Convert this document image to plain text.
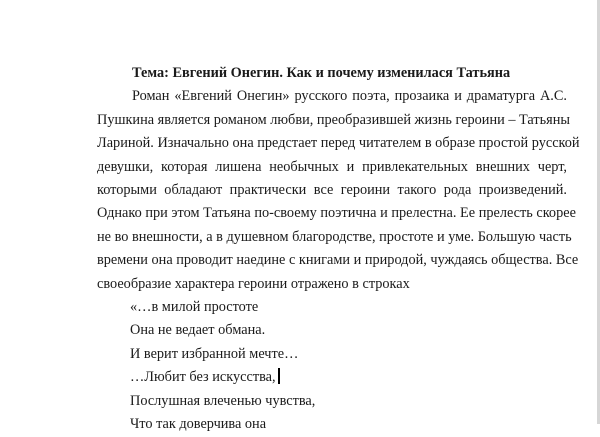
Тема: Евгений Онегин. Как и почему изменилася Татьяна

Роман «Евгений Онегин» русского поэта, прозаика и драматурга А.С.
Пушкина является романом любви, преобразившей жизнь героини – Татьяны
Лариной. Изначально она предстает перед читателем в образе простой русской
девушки, которая лишена необычных и привлекательных внешних черт,
которыми обладают практически все героини такого рода произведений.
Однако при этом Татьяна по-своему поэтична и прелестна. Ее прелесть скорее
не во внешности, а в душевном благородстве, простоте и уме. Большую часть
времени она проводит наедине с книгами и природой, чуждаясь общества. Все
своеобразие характера героини отражено в строках

«…в милой простоте
Она не ведает обмана.
И верит избранной мечте…
…Любит без искусства,
Послушная влеченью чувства,
Что так доверчива она
